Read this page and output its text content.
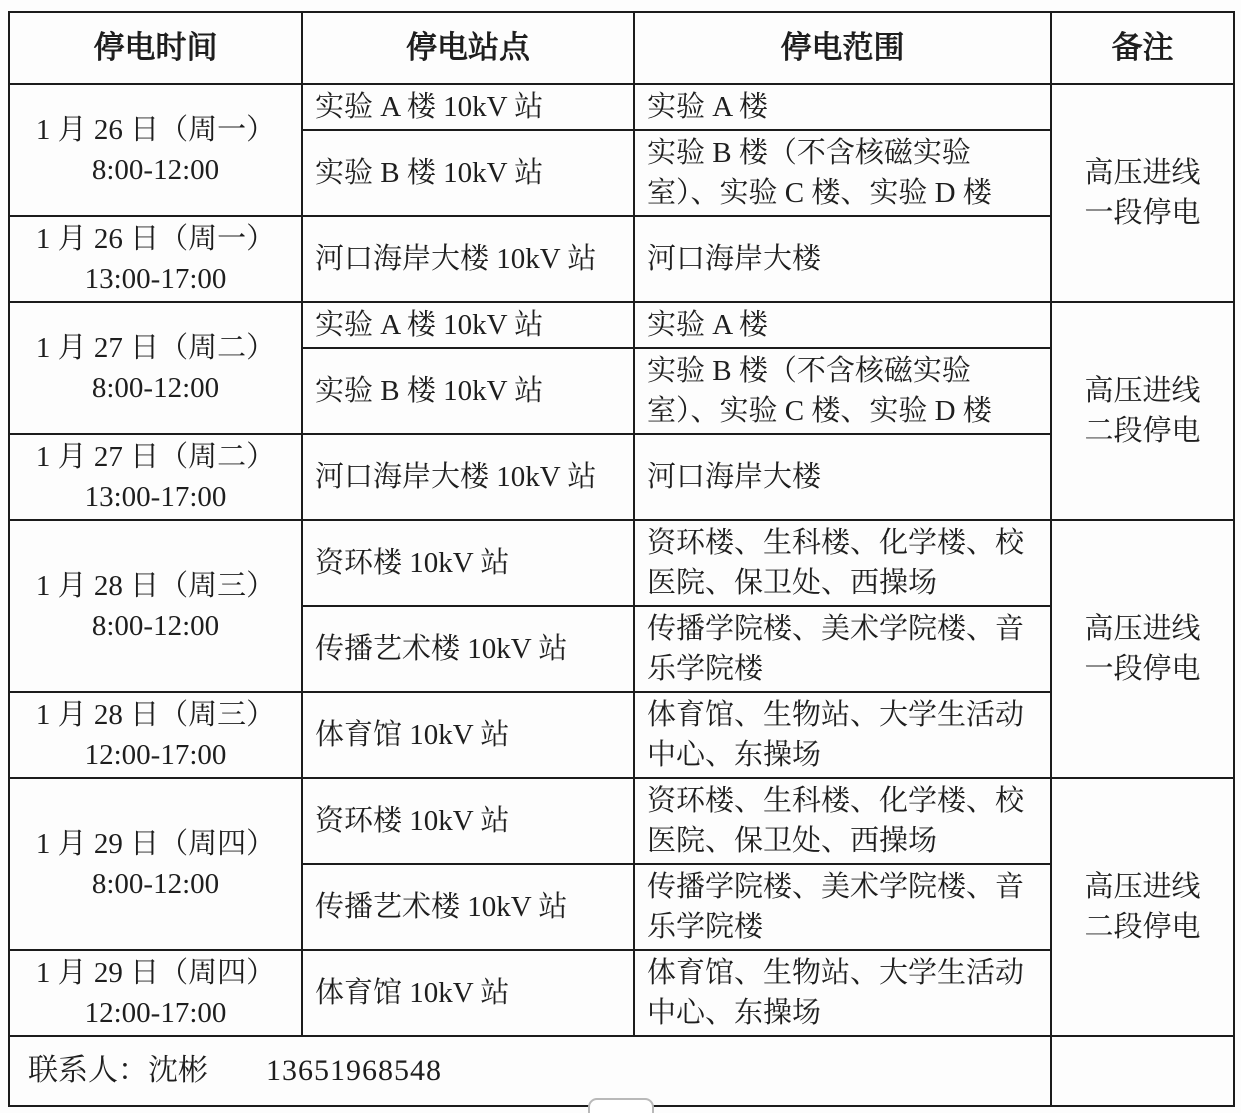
停电时间	停电站点	停电范围	备注

1 月 26 日（周一）
8:00-12:00	实验 A 楼 10kV 站	实验 A 楼	高压进线一段停电

	实验 B 楼 10kV 站	实验 B 楼（不含核磁实验室）、实验 C 楼、实验 D 楼	

1 月 26 日（周一）
13:00-17:00	河口海岸大楼 10kV 站	河口海岸大楼	

1 月 27 日（周二）
8:00-12:00	实验 A 楼 10kV 站	实验 A 楼	高压进线二段停电

	实验 B 楼 10kV 站	实验 B 楼（不含核磁实验室）、实验 C 楼、实验 D 楼	

1 月 27 日（周二）
13:00-17:00	河口海岸大楼 10kV 站	河口海岸大楼	

1 月 28 日（周三）
8:00-12:00	资环楼 10kV 站	资环楼、生科楼、化学楼、校医院、保卫处、西操场	高压进线一段停电

	传播艺术楼 10kV 站	传播学院楼、美术学院楼、音乐学院楼	

1 月 28 日（周三）
12:00-17:00	体育馆 10kV 站	体育馆、生物站、大学生活动中心、东操场	

1 月 29 日（周四）
8:00-12:00	资环楼 10kV 站	资环楼、生科楼、化学楼、校医院、保卫处、西操场	高压进线二段停电

	传播艺术楼 10kV 站	传播学院楼、美术学院楼、音乐学院楼	

1 月 29 日（周四）
12:00-17:00	体育馆 10kV 站	体育馆、生物站、大学生活动中心、东操场	
联系人：沈彬 13651968548			
